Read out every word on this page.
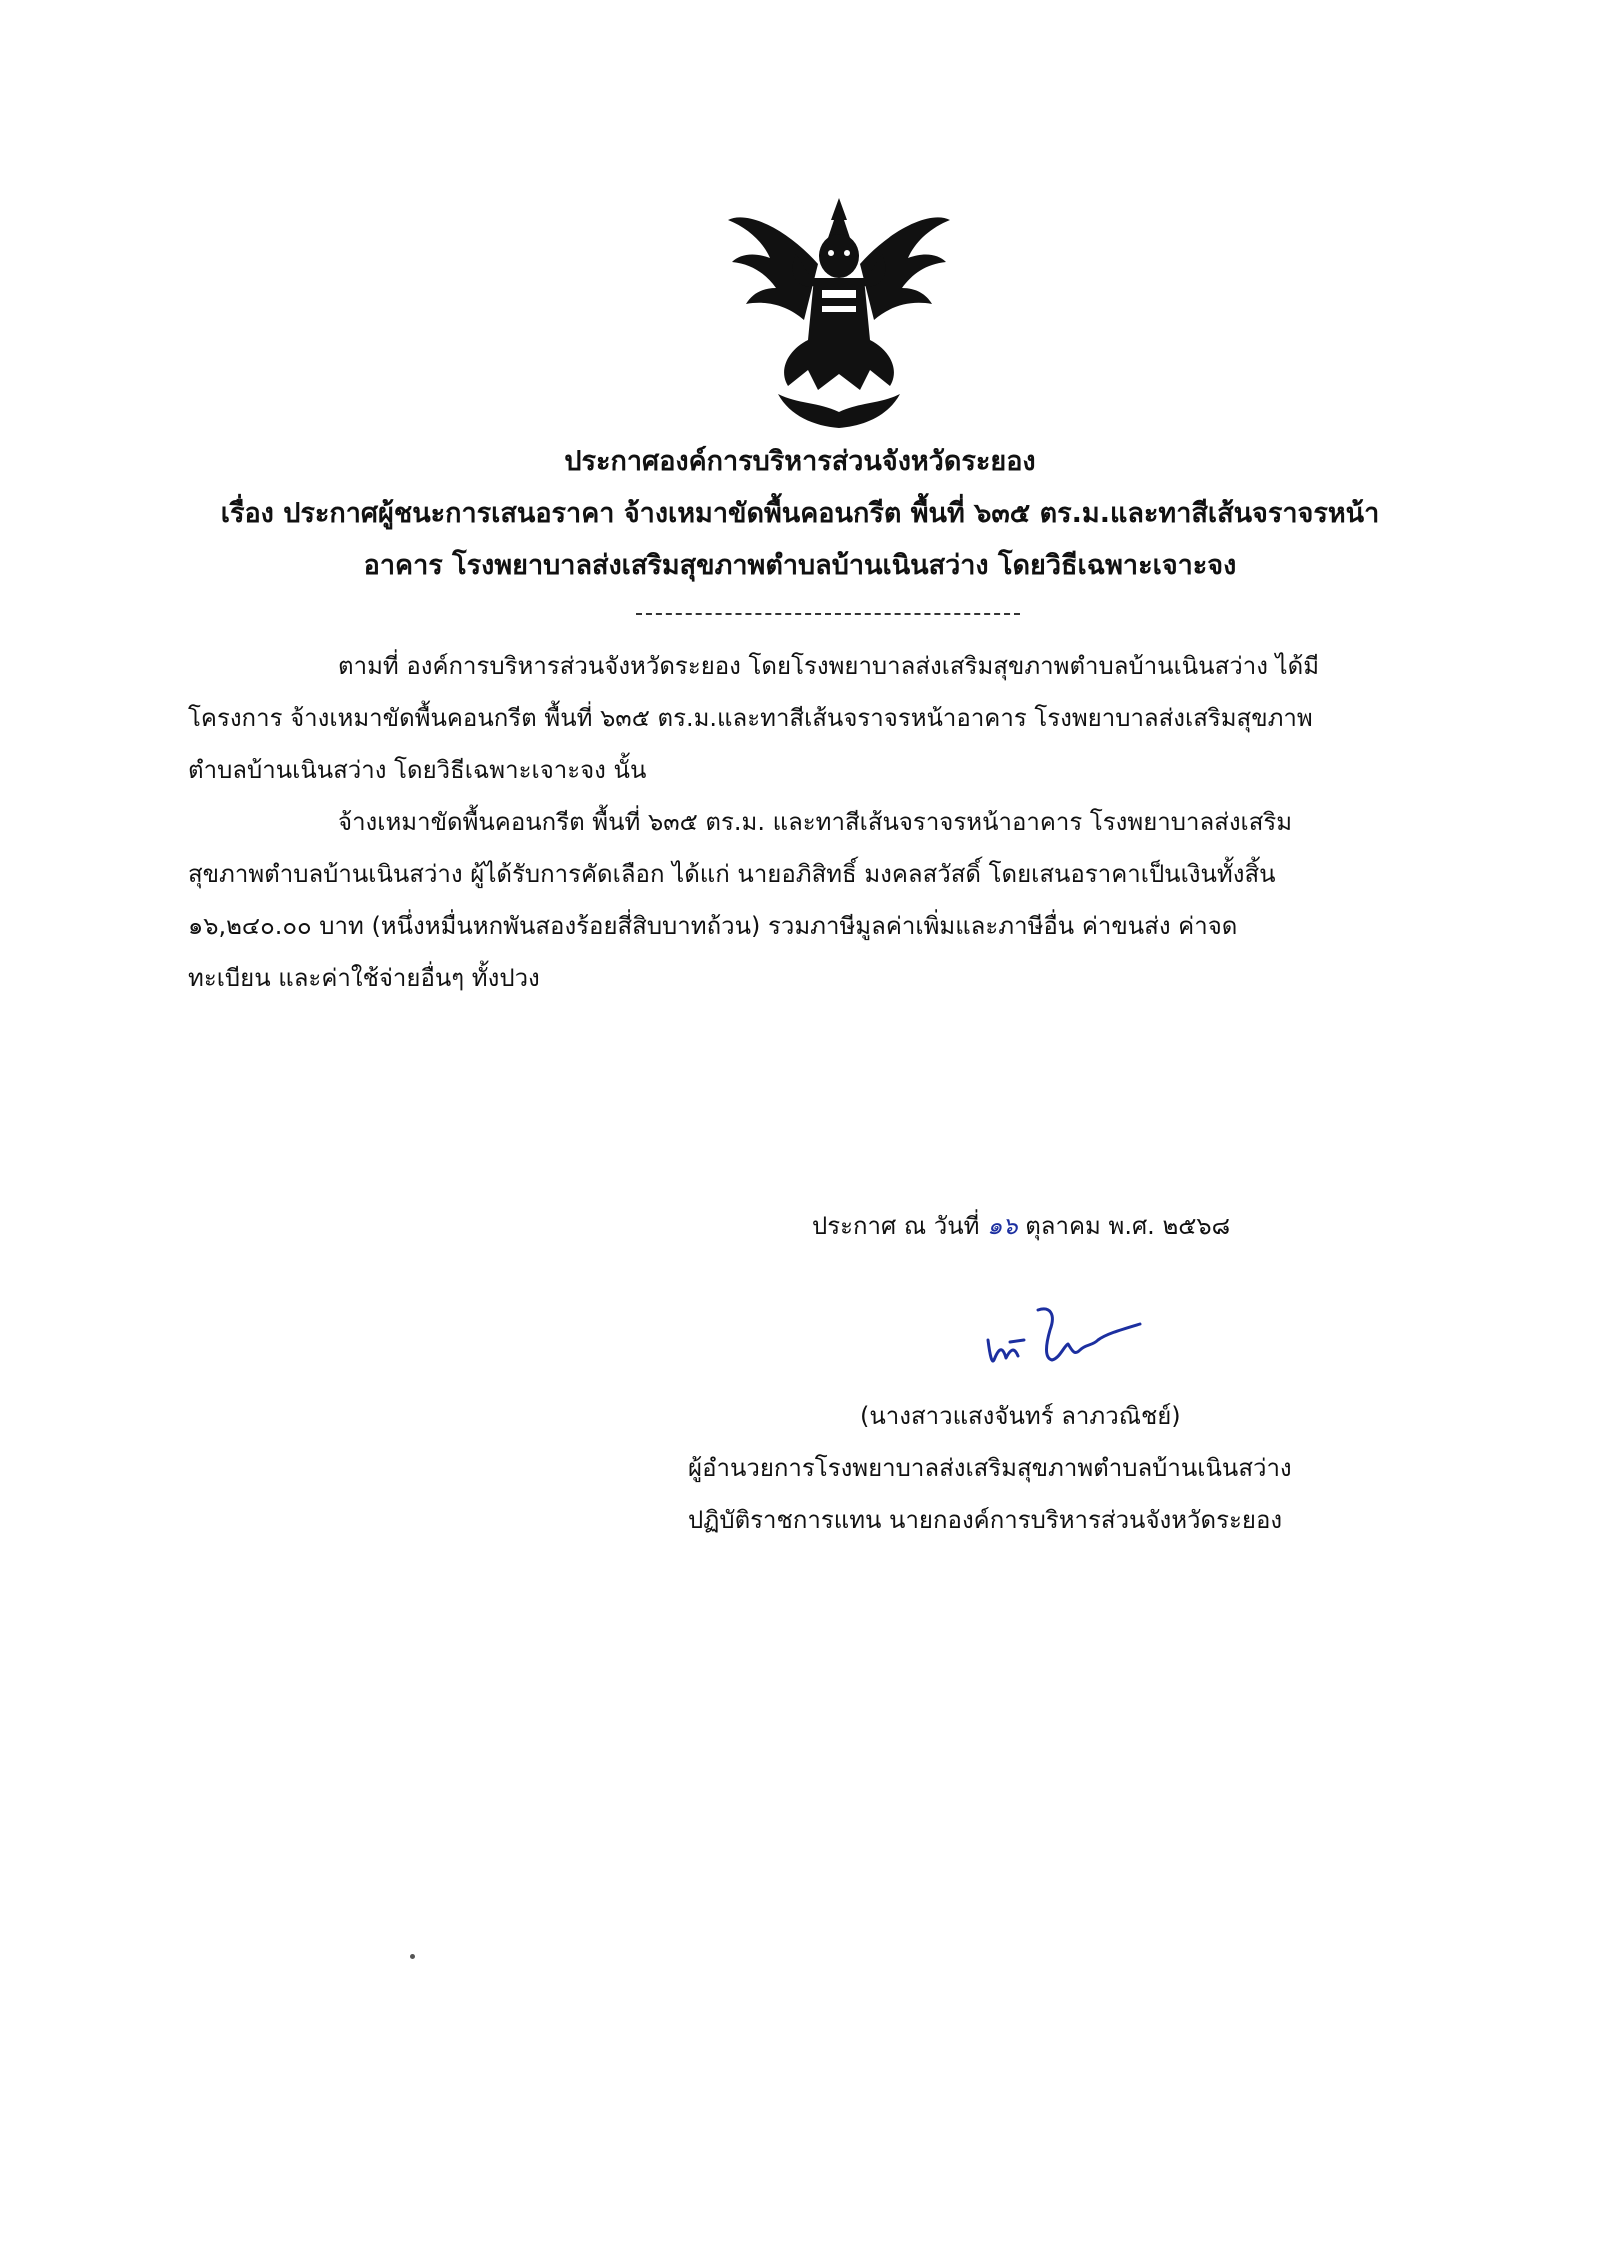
ประกาศองค์การบริหารส่วนจังหวัดระยอง
เรื่อง ประกาศผู้ชนะการเสนอราคา จ้างเหมาขัดพื้นคอนกรีต พื้นที่ ๖๓๕ ตร.ม.และทาสีเส้นจราจรหน้า
อาคาร โรงพยาบาลส่งเสริมสุขภาพตำบลบ้านเนินสว่าง โดยวิธีเฉพาะเจาะจง
ตามที่ องค์การบริหารส่วนจังหวัดระยอง โดยโรงพยาบาลส่งเสริมสุขภาพตำบลบ้านเนินสว่าง ได้มี
โครงการ จ้างเหมาขัดพื้นคอนกรีต พื้นที่ ๖๓๕ ตร.ม.และทาสีเส้นจราจรหน้าอาคาร โรงพยาบาลส่งเสริมสุขภาพ
ตำบลบ้านเนินสว่าง โดยวิธีเฉพาะเจาะจง นั้น
จ้างเหมาขัดพื้นคอนกรีต พื้นที่ ๖๓๕ ตร.ม. และทาสีเส้นจราจรหน้าอาคาร โรงพยาบาลส่งเสริม
สุขภาพตำบลบ้านเนินสว่าง ผู้ได้รับการคัดเลือก ได้แก่ นายอภิสิทธิ์ มงคลสวัสดิ์ โดยเสนอราคาเป็นเงินทั้งสิ้น
๑๖,๒๔๐.๐๐ บาท (หนึ่งหมื่นหกพันสองร้อยสี่สิบบาทถ้วน) รวมภาษีมูลค่าเพิ่มและภาษีอื่น ค่าขนส่ง ค่าจด
ทะเบียน และค่าใช้จ่ายอื่นๆ ทั้งปวง
ประกาศ ณ วันที่ ๑๖ ตุลาคม พ.ศ. ๒๕๖๘
(นางสาวแสงจันทร์ ลาภวณิชย์)
ผู้อำนวยการโรงพยาบาลส่งเสริมสุขภาพตำบลบ้านเนินสว่าง
ปฏิบัติราชการแทน นายกองค์การบริหารส่วนจังหวัดระยอง
